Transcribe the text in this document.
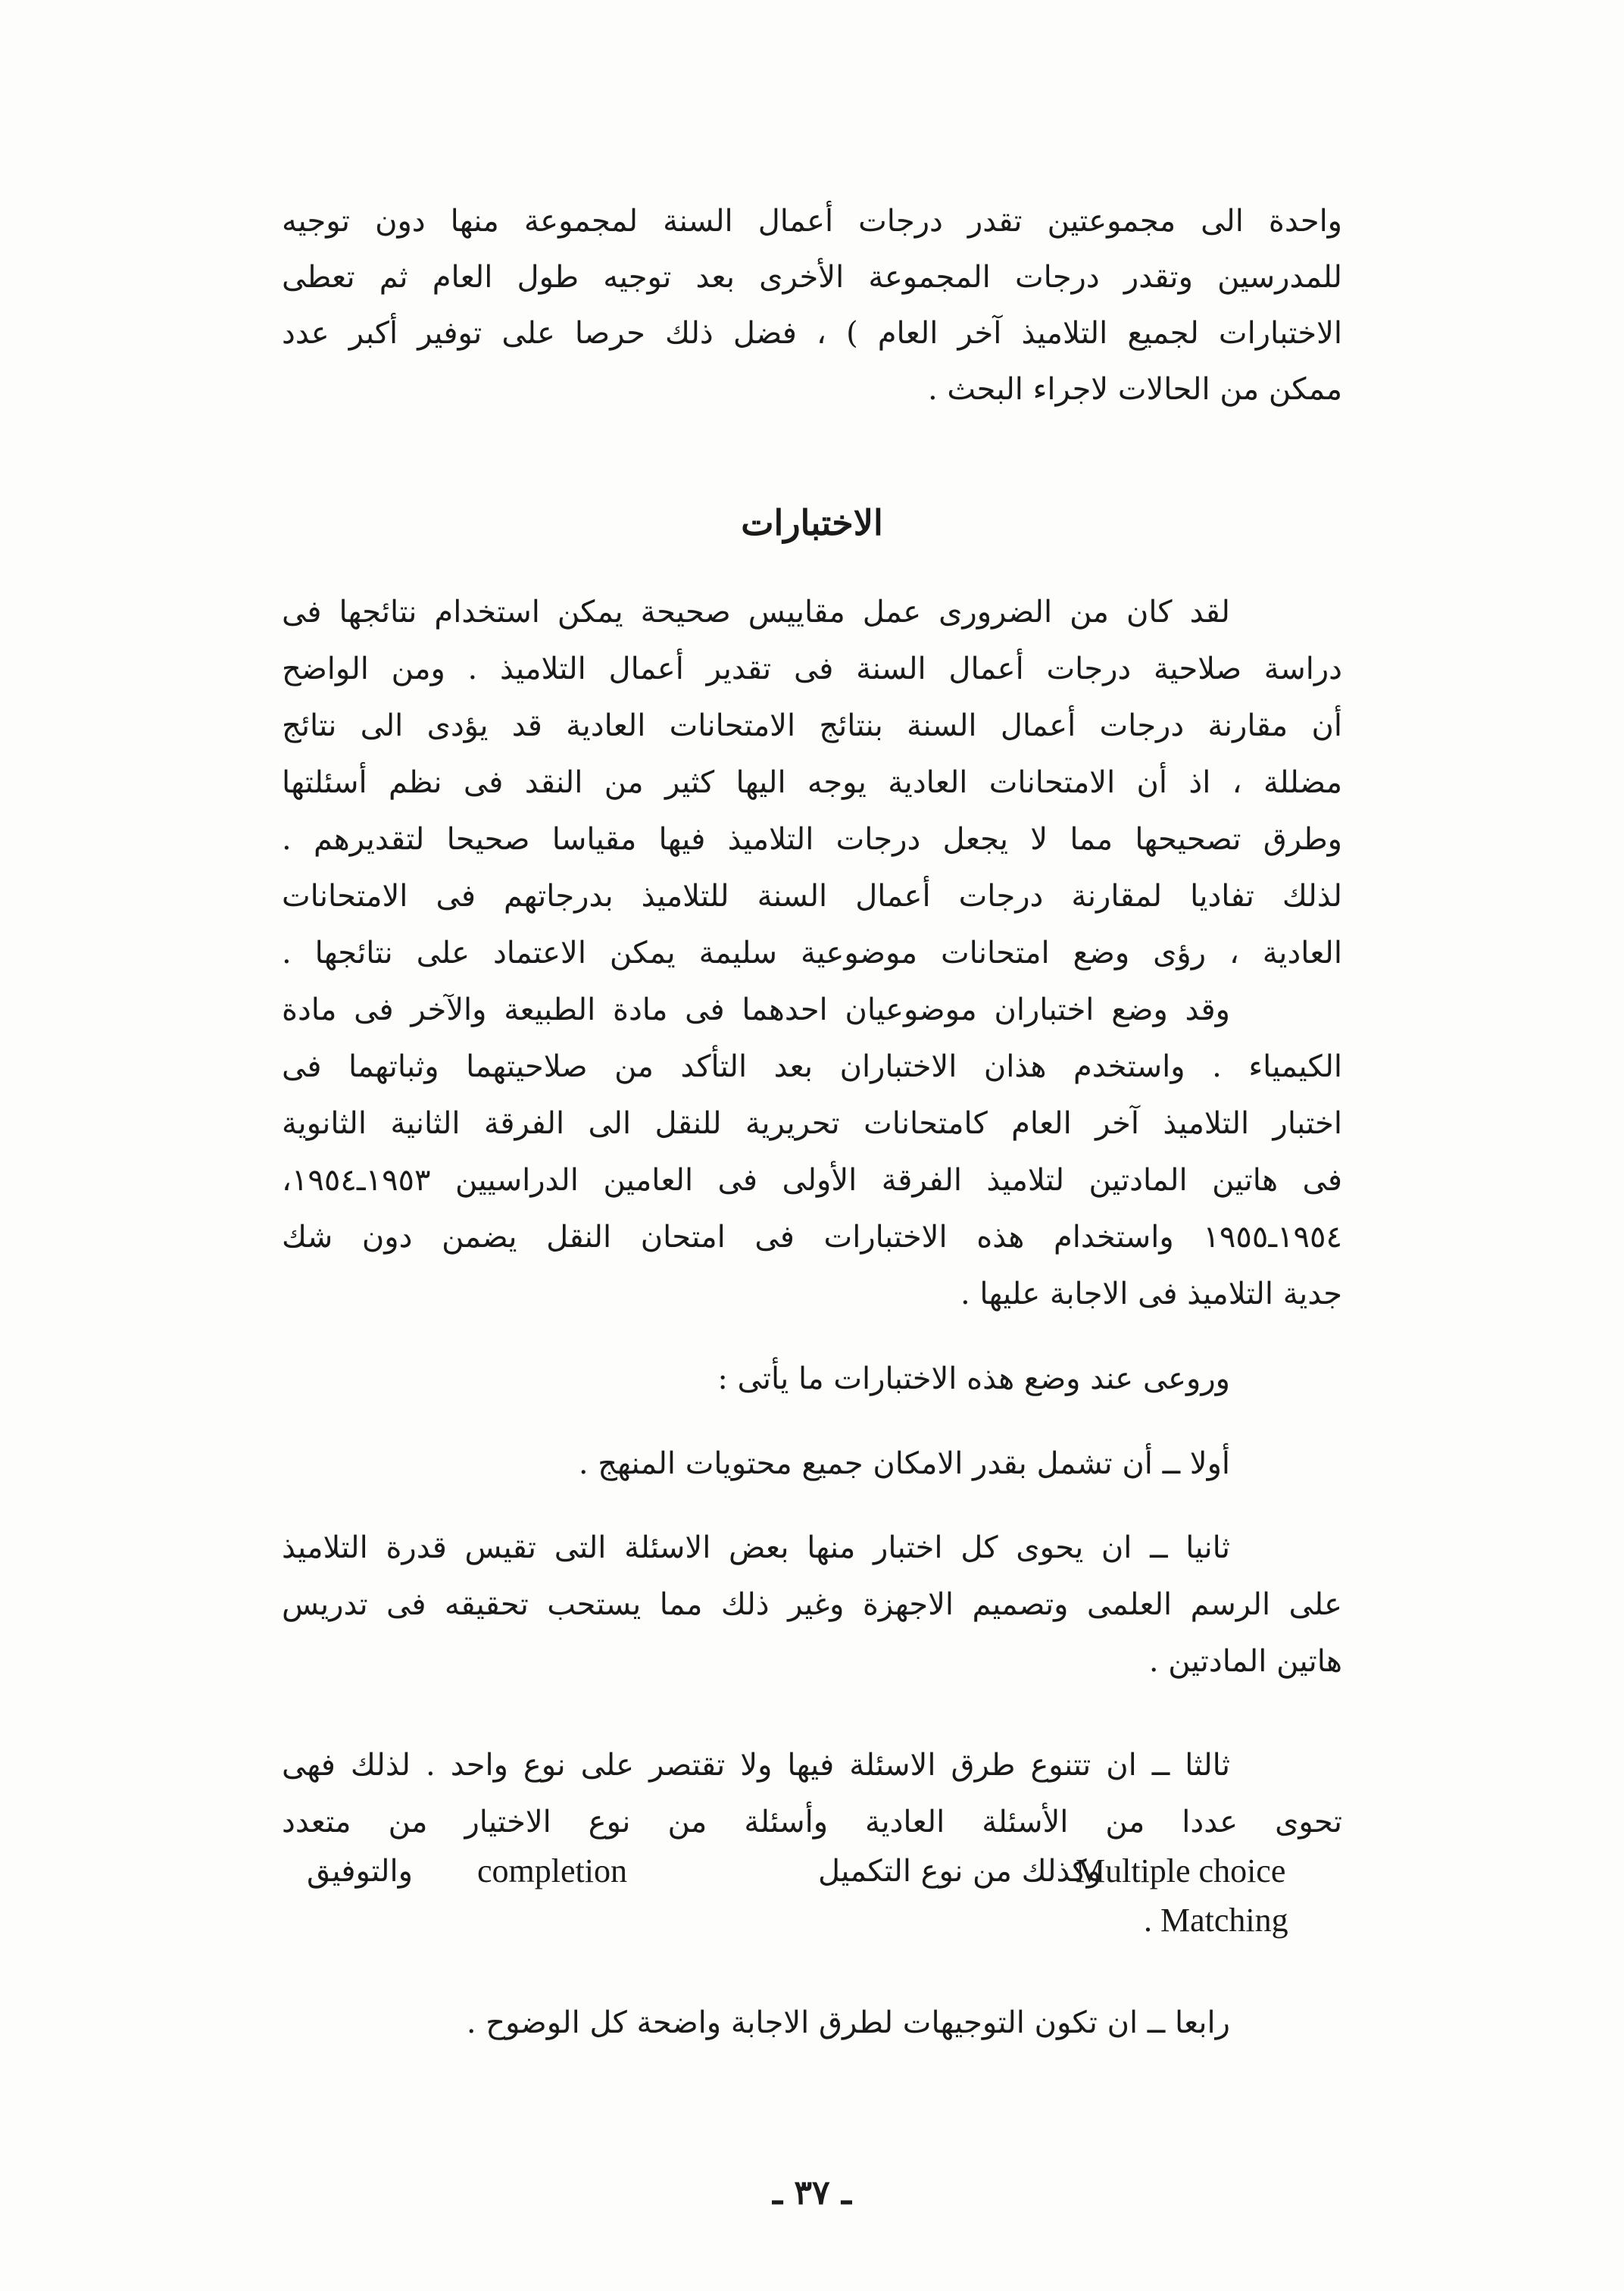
واحدة الى مجموعتين تقدر درجات أعمال السنة لمجموعة منها دون توجيه
للمدرسين وتقدر درجات المجموعة الأخرى بعد توجيه طول العام ثم تعطى
الاختبارات لجميع التلاميذ آخر العام ) ، فضل ذلك حرصا على توفير أكبر عدد
ممكن من الحالات لاجراء البحث .
الاختبارات
لقد كان من الضرورى عمل مقاييس صحيحة يمكن استخدام نتائجها فى
دراسة صلاحية درجات أعمال السنة فى تقدير أعمال التلاميذ . ومن الواضح
أن مقارنة درجات أعمال السنة بنتائج الامتحانات العادية قد يؤدى الى نتائج
مضللة ، اذ أن الامتحانات العادية يوجه اليها كثير من النقد فى نظم أسئلتها
وطرق تصحيحها مما لا يجعل درجات التلاميذ فيها مقياسا صحيحا لتقديرهم .
لذلك تفاديا لمقارنة درجات أعمال السنة للتلاميذ بدرجاتهم فى الامتحانات
العادية ، رؤى وضع امتحانات موضوعية سليمة يمكن الاعتماد على نتائجها .
وقد وضع اختباران موضوعيان احدهما فى مادة الطبيعة والآخر فى مادة
الكيمياء . واستخدم هذان الاختباران بعد التأكد من صلاحيتهما وثباتهما فى
اختبار التلاميذ آخر العام كامتحانات تحريرية للنقل الى الفرقة الثانية الثانوية
فى هاتين المادتين لتلاميذ الفرقة الأولى فى العامين الدراسيين ١٩٥٣ـ١٩٥٤،
١٩٥٤ـ١٩٥٥ واستخدام هذه الاختبارات فى امتحان النقل يضمن دون شك
جدية التلاميذ فى الاجابة عليها .
وروعى عند وضع هذه الاختبارات ما يأتى :
أولا ــ أن تشمل بقدر الامكان جميع محتويات المنهج .
ثانيا ــ ان يحوى كل اختبار منها بعض الاسئلة التى تقيس قدرة التلاميذ
على الرسم العلمى وتصميم الاجهزة وغير ذلك مما يستحب تحقيقه فى تدريس
هاتين المادتين .
ثالثا ــ ان تتنوع طرق الاسئلة فيها ولا تقتصر على نوع واحد . لذلك فهى
تحوى عددا من الأسئلة العادية وأسئلة من نوع الاختيار من متعدد
Multiple choice
وكذلك من نوع التكميل
completion
والتوفيق
. Matching
رابعا ــ ان تكون التوجيهات لطرق الاجابة واضحة كل الوضوح .
ـ ٣٧ ـ
